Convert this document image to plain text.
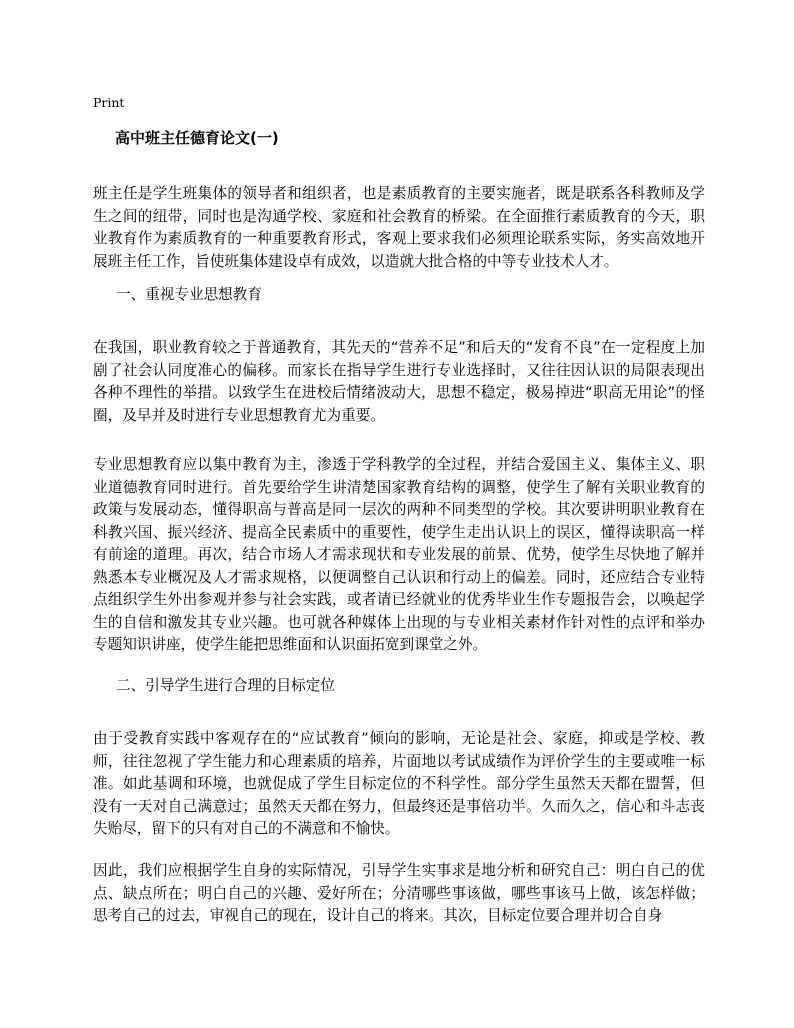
Print
高中班主任德育论文(一)

班主任是学生班集体的领导者和组织者，也是素质教育的主要实施者，既是联系各科教师及学生之间的纽带，同时也是沟通学校、家庭和社会教育的桥梁。在全面推行素质教育的今天，职业教育作为素质教育的一种重要教育形式，客观上要求我们必须理论联系实际，务实高效地开展班主任工作，旨使班集体建设卓有成效，以造就大批合格的中等专业技术人才。

一、重视专业思想教育

在我国，职业教育较之于普通教育，其先天的“营养不足”和后天的“发育不良”在一定程度上加剧了社会认同度准心的偏移。而家长在指导学生进行专业选择时，又往往因认识的局限表现出各种不理性的举措。以致学生在进校后情绪波动大，思想不稳定，极易掉进“职高无用论”的怪圈，及早并及时进行专业思想教育尤为重要。

专业思想教育应以集中教育为主，渗透于学科教学的全过程，并结合爱国主义、集体主义、职业道德教育同时进行。首先要给学生讲清楚国家教育结构的调整，使学生了解有关职业教育的政策与发展动态，懂得职高与普高是同一层次的两种不同类型的学校。其次要讲明职业教育在科教兴国、振兴经济、提高全民素质中的重要性，使学生走出认识上的误区，懂得读职高一样有前途的道理。再次，结合市场人才需求现状和专业发展的前景、优势，使学生尽快地了解并熟悉本专业概况及人才需求规格，以便调整自己认识和行动上的偏差。同时，还应结合专业特点组织学生外出参观并参与社会实践，或者请已经就业的优秀毕业生作专题报告会，以唤起学生的自信和激发其专业兴趣。也可就各种媒体上出现的与专业相关素材作针对性的点评和举办专题知识讲座，使学生能把思维面和认识面拓宽到课堂之外。

二、引导学生进行合理的目标定位

由于受教育实践中客观存在的“应试教育”倾向的影响，无论是社会、家庭，抑或是学校、教师，往往忽视了学生能力和心理素质的培养，片面地以考试成绩作为评价学生的主要或唯一标准。如此基调和环境，也就促成了学生目标定位的不科学性。部分学生虽然天天都在盟誓，但没有一天对自己满意过；虽然天天都在努力，但最终还是事倍功半。久而久之，信心和斗志丧失贻尽，留下的只有对自己的不满意和不愉快。

因此，我们应根据学生自身的实际情况，引导学生实事求是地分析和研究自己：明白自己的优点、缺点所在；明白自己的兴趣、爱好所在；分清哪些事该做，哪些事该马上做，该怎样做；思考自己的过去，审视自己的现在，设计自己的将来。其次，目标定位要合理并切合自身
